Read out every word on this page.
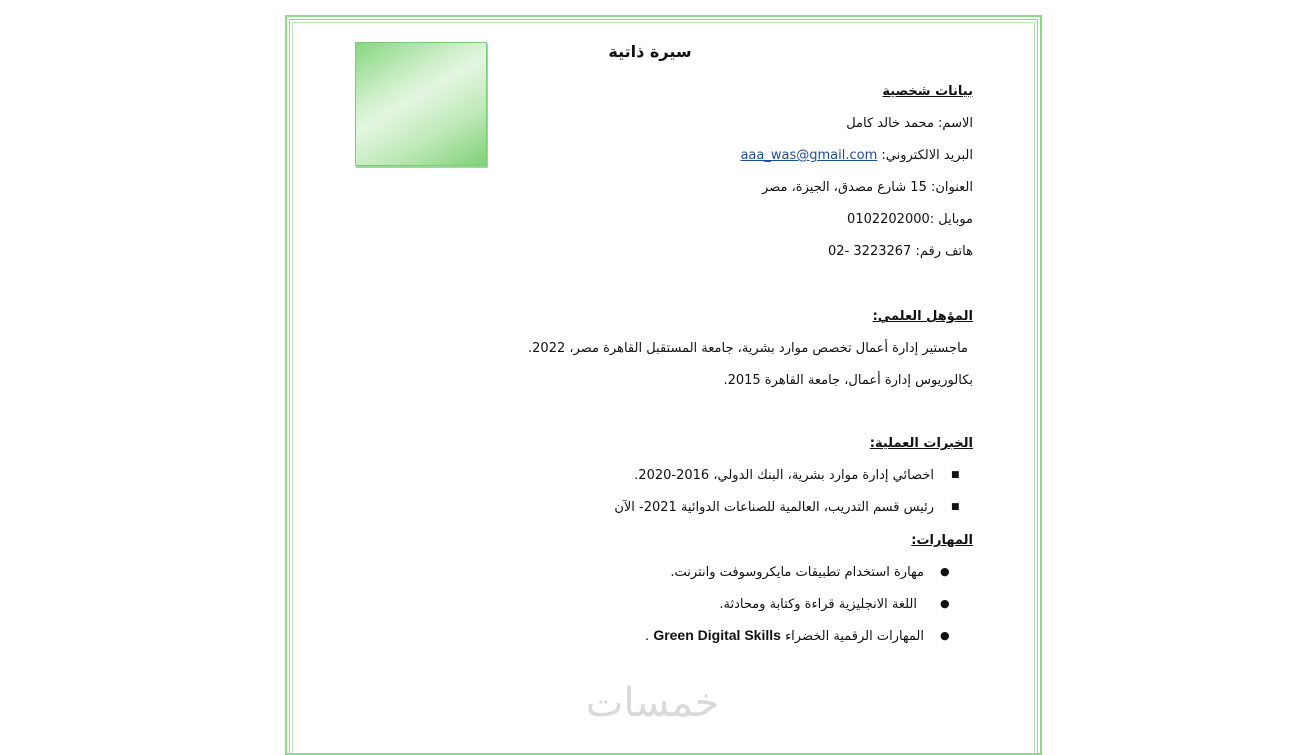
سيرة ذاتية
بيانات شخصية
الاسم: محمد خالد كامل
البريد الالكتروني: aaa_was@gmail.com
العنوان: 15 شارع مصدق، الجيزة، مصر
موبايل :0102202000
هاتف رقم: 3223267 -02
المؤهل العلمي:
ماجستير إدارة أعمال تخصص موارد بشرية، جامعة المستقبل القاهرة مصر، 2022.
بكالوريوس إدارة أعمال، جامعة القاهرة 2015.
الخبرات العملية:
■
اخصائي إدارة موارد بشرية، البنك الدولي، 2016-2020.
■
رئيس قسم التدريب، العالمية للصناعات الدوائية 2021- الآن
المهارات:
●
مهارة استخدام تطبيقات مايكروسوفت وانترنت.
●
اللغة الانجليزية قراءة وكتابة ومحادثة.
●
المهارات الرقمية الخضراء Green Digital Skills .
خمسات
